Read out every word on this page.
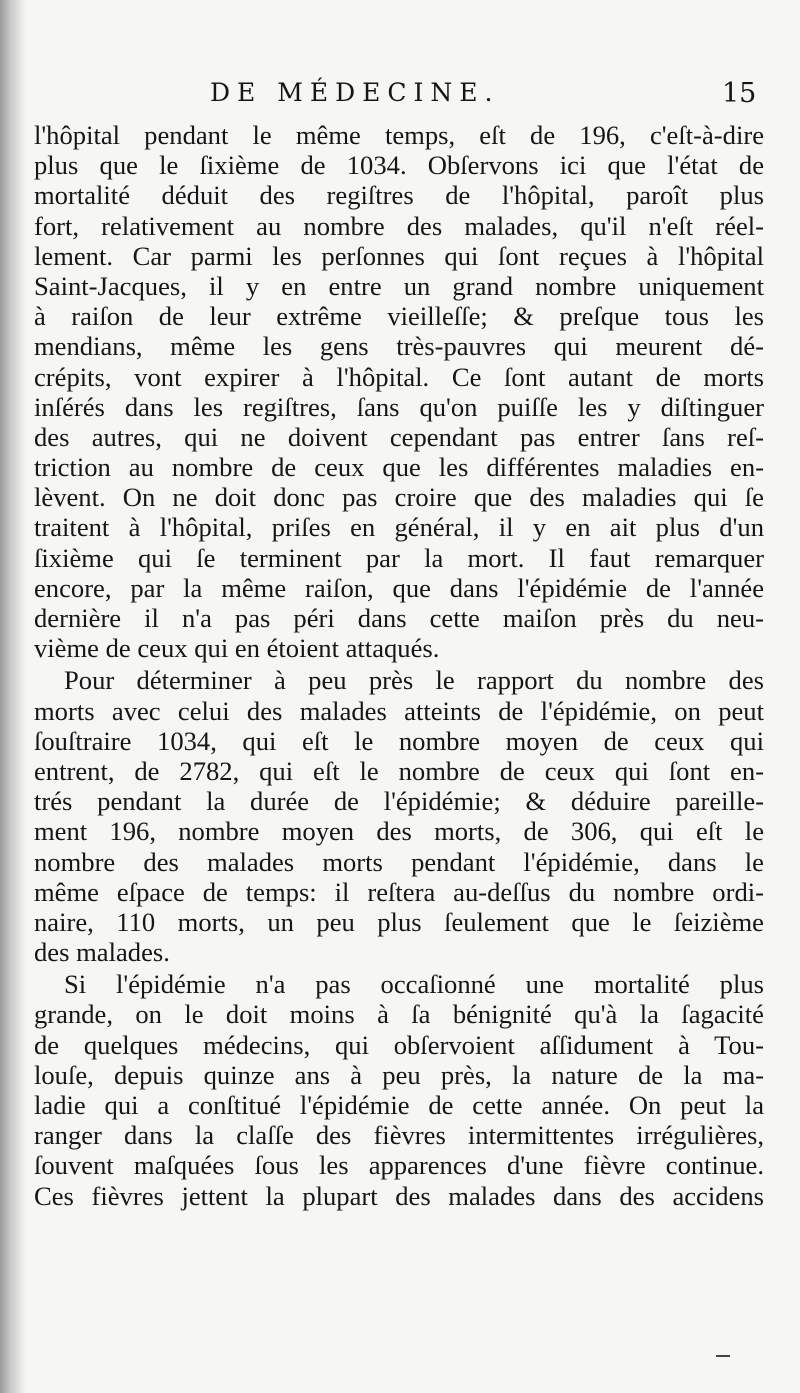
DE MÉDECINE.	15
l'hôpital pendant le même temps, eſt de 196, c'eſt-à-dire
plus que le ſixième de 1034. Obſervons ici que l'état de
mortalité déduit des regiſtres de l'hôpital, paroît plus
fort, relativement au nombre des malades, qu'il n'eſt réel-
lement. Car parmi les perſonnes qui ſont reçues à l'hôpital
Saint-Jacques, il y en entre un grand nombre uniquement
à raiſon de leur extrême vieilleſſe; & preſque tous les
mendians, même les gens très-pauvres qui meurent dé-
crépits, vont expirer à l'hôpital. Ce ſont autant de morts
inſérés dans les regiſtres, ſans qu'on puiſſe les y diſtinguer
des autres, qui ne doivent cependant pas entrer ſans reſ-
triction au nombre de ceux que les différentes maladies en-
lèvent. On ne doit donc pas croire que des maladies qui ſe
traitent à l'hôpital, priſes en général, il y en ait plus d'un
ſixième qui ſe terminent par la mort. Il faut remarquer
encore, par la même raiſon, que dans l'épidémie de l'année
dernière il n'a pas péri dans cette maiſon près du neu-
vième de ceux qui en étoient attaqués.
Pour déterminer à peu près le rapport du nombre des
morts avec celui des malades atteints de l'épidémie, on peut
ſouſtraire 1034, qui eſt le nombre moyen de ceux qui
entrent, de 2782, qui eſt le nombre de ceux qui ſont en-
trés pendant la durée de l'épidémie; & déduire pareille-
ment 196, nombre moyen des morts, de 306, qui eſt le
nombre des malades morts pendant l'épidémie, dans le
même eſpace de temps: il reſtera au-deſſus du nombre ordi-
naire, 110 morts, un peu plus ſeulement que le ſeizième
des malades.
Si l'épidémie n'a pas occaſionné une mortalité plus
grande, on le doit moins à ſa bénignité qu'à la ſagacité
de quelques médecins, qui obſervoient aſſidument à Tou-
louſe, depuis quinze ans à peu près, la nature de la ma-
ladie qui a conſtitué l'épidémie de cette année. On peut la
ranger dans la claſſe des fièvres intermittentes irrégulières,
ſouvent maſquées ſous les apparences d'une fièvre continue.
Ces fièvres jettent la plupart des malades dans des accidens
